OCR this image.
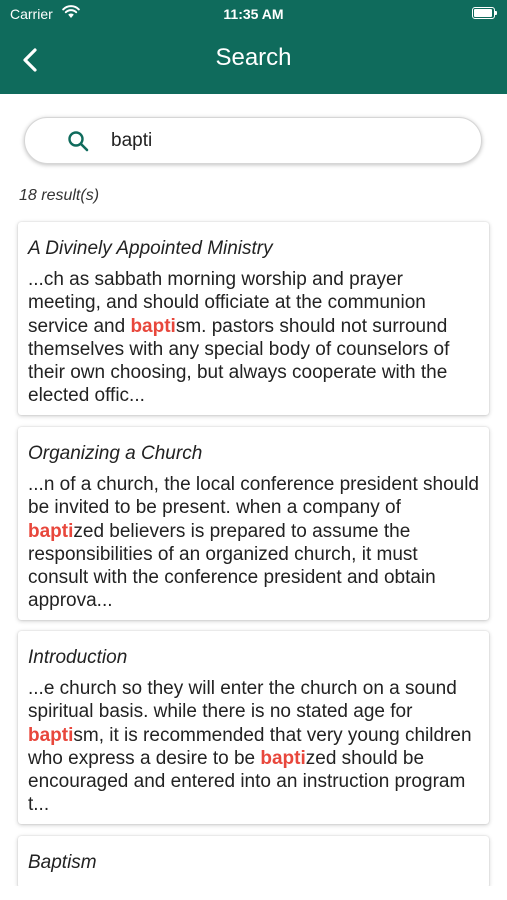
Carrier	11:35 AM
Search
bapti
18 result(s)

A Divinely Appointed Ministry

...ch as sabbath morning worship and prayer meeting, and should officiate at the communion service and baptism. pastors should not surround themselves with any special body of counselors of their own choosing, but always cooperate with the elected offic...

Organizing a Church

...n of a church, the local conference president should be invited to be present. when a company of baptized believers is prepared to assume the responsibilities of an organized church, it must consult with the conference president and obtain approva...

Introduction

...e church so they will enter the church on a sound spiritual basis. while there is no stated age for baptism, it is recommended that very young children who express a desire to be baptized should be encouraged and entered into an instruction program t...

Baptism
